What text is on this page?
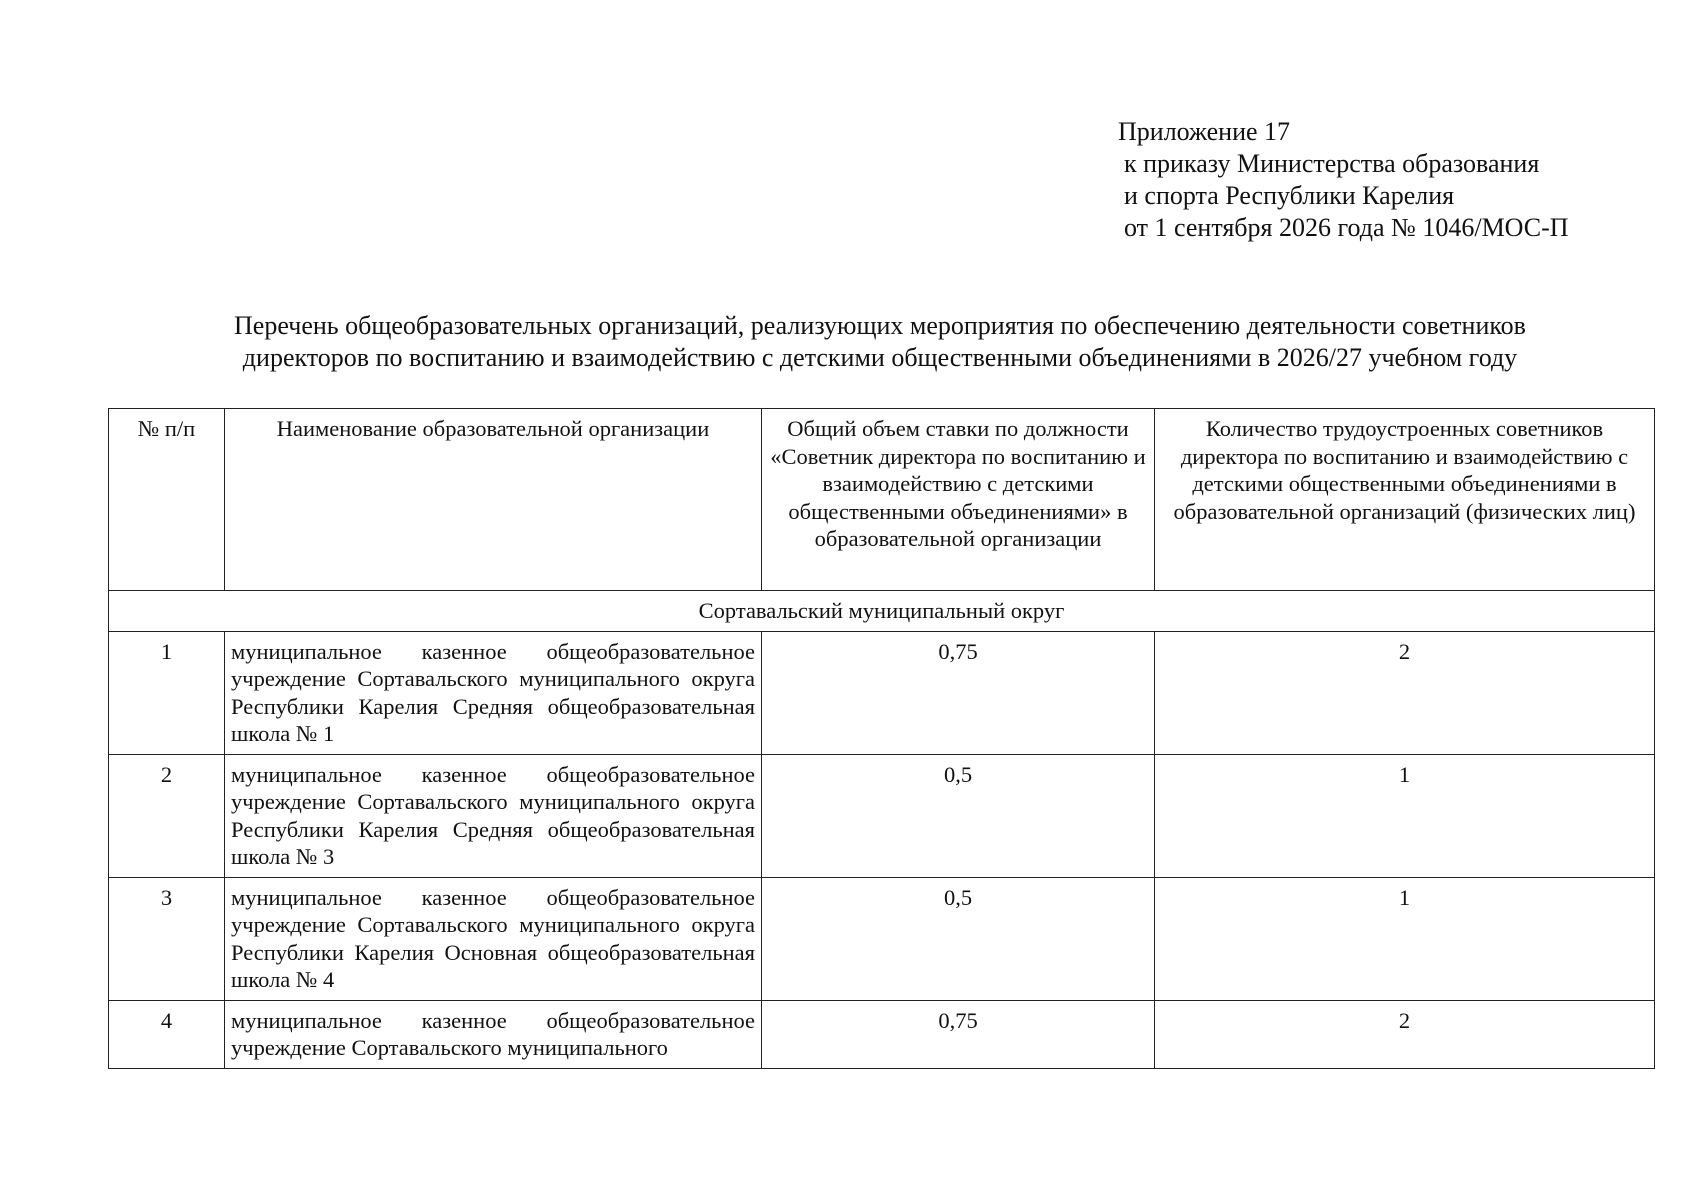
Приложение 17
к приказу Министерства образования
и спорта Республики Карелия
от 1 сентября 2026 года № 1046/МОС-П
Перечень общеобразовательных организаций, реализующих мероприятия по обеспечению деятельности советников
директоров по воспитанию и взаимодействию с детскими общественными объединениями в 2026/27 учебном году
№ п/п	Наименование образовательной организации	Общий объем ставки по должности «Советник директора по воспитанию и взаимодействию с детскими общественными объединениями» в образовательной организации	Количество трудоустроенных советников директора по воспитанию и взаимодействию с детскими общественными объединениями в образовательной организаций (физических лиц)
Сортавальский муниципальный округ			
1	муниципальное казенное общеобразовательное учреждение Сортавальского муниципального округа Республики Карелия Средняя общеобразовательная школа № 1	0,75	2
2	муниципальное казенное общеобразовательное учреждение Сортавальского муниципального округа Республики Карелия Средняя общеобразовательная школа № 3	0,5	1
3	муниципальное казенное общеобразовательное учреждение Сортавальского муниципального округа Республики Карелия Основная общеобразовательная школа № 4	0,5	1
4	муниципальное казенное общеобразовательное учреждение Сортавальского муниципального	0,75	2
